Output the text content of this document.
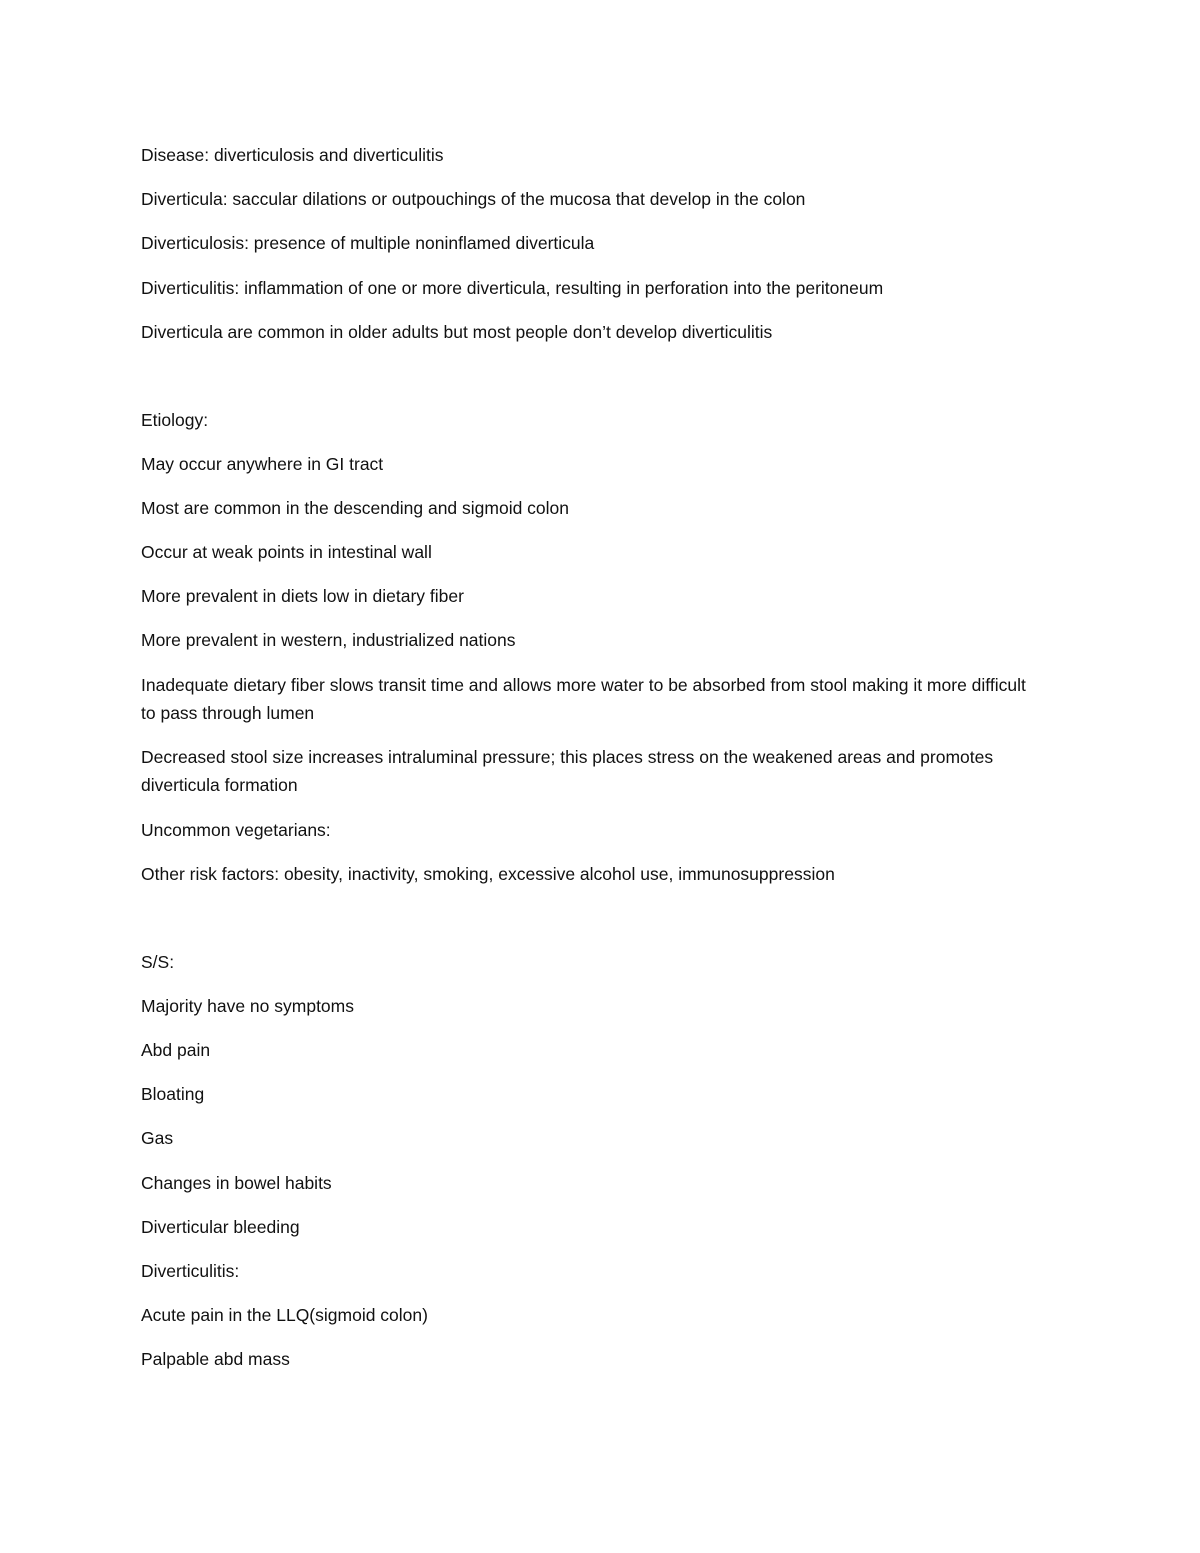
Disease: diverticulosis and diverticulitis

Diverticula: saccular dilations or outpouchings of the mucosa that develop in the colon

Diverticulosis: presence of multiple noninflamed diverticula

Diverticulitis: inflammation of one or more diverticula, resulting in perforation into the peritoneum

Diverticula are common in older adults but most people don’t develop diverticulitis

Etiology:

May occur anywhere in GI tract

Most are common in the descending and sigmoid colon

Occur at weak points in intestinal wall

More prevalent in diets low in dietary fiber

More prevalent in western, industrialized nations

Inadequate dietary fiber slows transit time and allows more water to be absorbed from stool making it more difficult to pass through lumen

Decreased stool size increases intraluminal pressure; this places stress on the weakened areas and promotes diverticula formation

Uncommon vegetarians:

Other risk factors: obesity, inactivity, smoking, excessive alcohol use, immunosuppression

S/S:

Majority have no symptoms

Abd pain

Bloating

Gas

Changes in bowel habits

Diverticular bleeding

Diverticulitis:

Acute pain in the LLQ(sigmoid colon)

Palpable abd mass
